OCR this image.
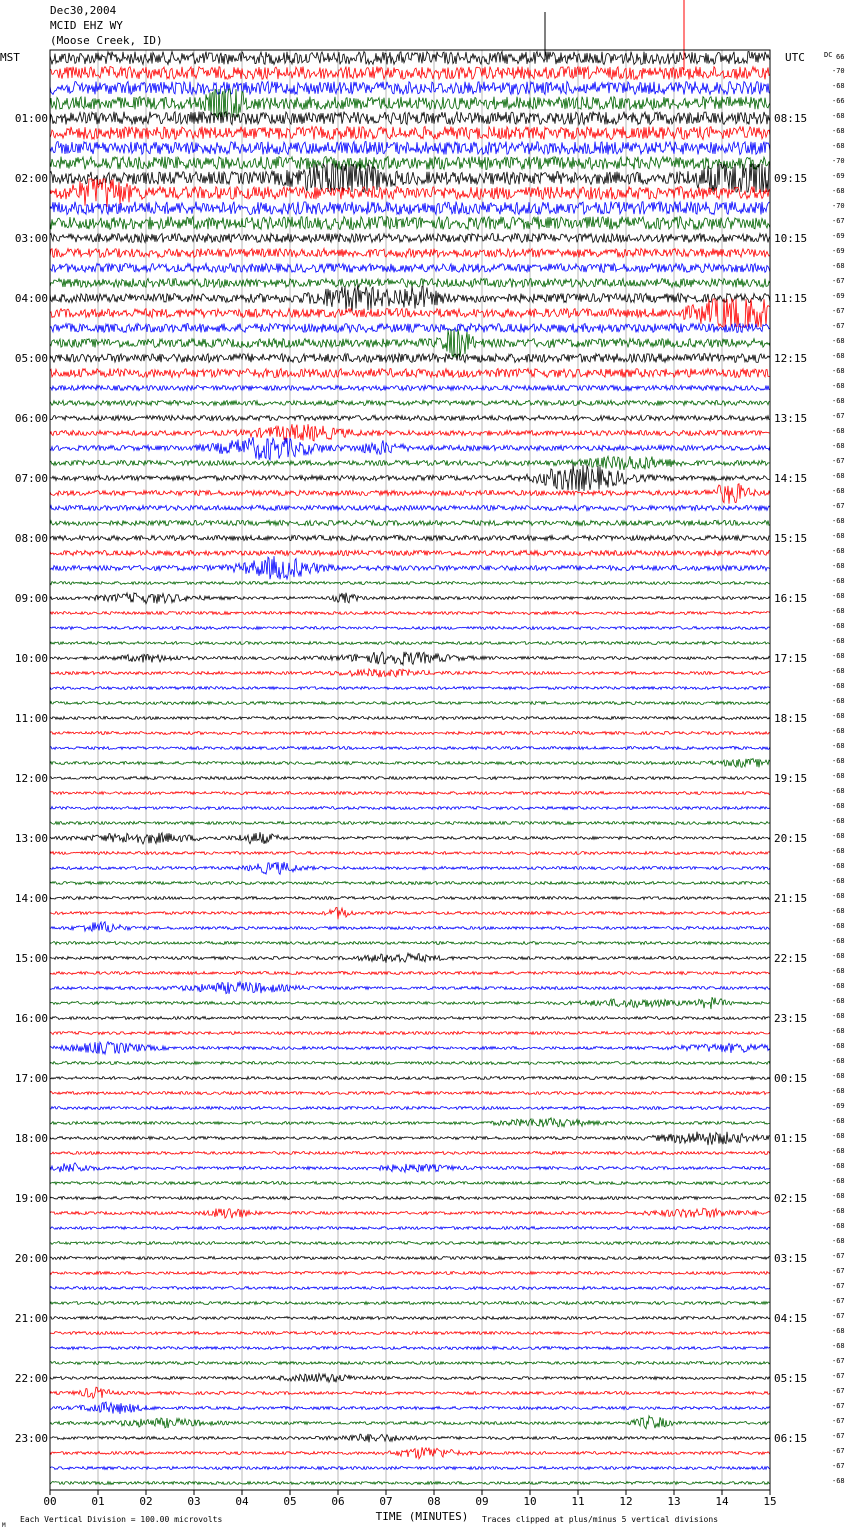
Dec30,2004
MCID EHZ WY
(Moose Creek, ID)
MST	UTC	DC 66
01:00
02:00
03:00
04:00
05:00
06:00
07:00
08:00
09:00
10:00
11:00
12:00
13:00
14:00
15:00
16:00
17:00
18:00
19:00
20:00
21:00
22:00
23:00
08:15
09:15
10:15
11:15
12:15
13:15
14:15
15:15
16:15
17:15
18:15
19:15
20:15
21:15
22:15
23:15
00:15
01:15
02:15
03:15
04:15
05:15
06:15
-70
-68
-66
-68
-68
-68
-70
-69
-68
-70
-67
-69
-69
-68
-67
-69
-67
-67
-68
-68
-68
-68
-68
-67
-68
-68
-67
-68
-68
-67
-68
-68
-68
-68
-68
-68
-68
-68
-68
-68
-68
-68
-68
-68
-68
-68
-68
-68
-68
-68
-68
-68
-68
-68
-68
-68
-68
-68
-68
-68
-68
-68
-68
-68
-68
-68
-68
-68
-68
-69
-68
-68
-68
-68
-68
-68
-68
-68
-68
-67
-67
-67
-67
-67
-68
-68
-67
-67
-67
-67
-67
-67
-67
-67
-68
00	01	02	03	04	05	06	07	08	09	10	11	12	13	14	15
TIME (MINUTES)
Each Vertical Division = 100.00 microvolts	Traces clipped at plus/minus 5 vertical divisions
M
